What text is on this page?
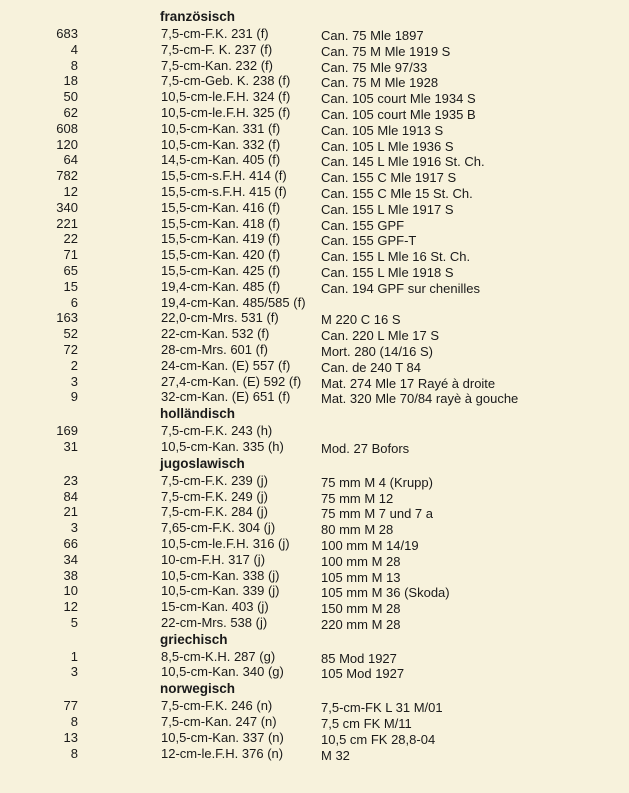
französisch
683	7,5-cm-F.K. 231 (f)	Can. 75 Mle 1897
4	7,5-cm-F. K. 237 (f)	Can. 75 M Mle 1919 S
8	7,5-cm-Kan. 232 (f)	Can. 75 Mle 97/33
18	7,5-cm-Geb. K. 238 (f) Can. 75 M Mle 1928
50	10,5-cm-le.F.H. 324 (f) Can. 105 court Mle 1934 S
62	10,5-cm-le.F.H. 325 (f) Can. 105 court Mle 1935 B
608	10,5-cm-Kan. 331 (f)	Can. 105 Mle 1913 S
120	10,5-cm-Kan. 332 (f)	Can. 105 L Mle 1936 S
64	14,5-cm-Kan. 405 (f)	Can. 145 L Mle 1916 St. Ch.
782	15,5-cm-s.F.H. 414 (f)	Can. 155 C Mle 1917 S
12	15,5-cm-s.F.H. 415 (f)	Can. 155 C Mle 15 St. Ch.
340	15,5-cm-Kan. 416 (f)	Can. 155 L Mle 1917 S
221	15,5-cm-Kan. 418 (f)	Can. 155 GPF
22	15,5-cm-Kan. 419 (f)	Can. 155 GPF-T
71	15,5-cm-Kan. 420 (f)	Can. 155 L Mle 16 St. Ch.
65	15,5-cm-Kan. 425 (f)	Can. 155 L Mle 1918 S
15	19,4-cm-Kan. 485 (f)	Can. 194 GPF sur chenilles
6	19,4-cm-Kan. 485/585 (f)
163	22,0-cm-Mrs. 531 (f)	M 220 C 16 S
52	22-cm-Kan. 532 (f)	Can. 220 L Mle 17 S
72	28-cm-Mrs. 601 (f)	Mort. 280 (14/16 S)
2	24-cm-Kan. (E) 557 (f) Can. de 240 T 84
3	27,4-cm-Kan. (E) 592 (f) Mat. 274 Mle 17 Rayé à droite
9	32-cm-Kan. (E) 651 (f) Mat. 320 Mle 70/84 rayè à gouche
holländisch
169	7,5-cm-F.K. 243 (h)
31	10,5-cm-Kan. 335 (h)	Mod. 27 Bofors
jugoslawisch
23	7,5-cm-F.K. 239 (j)	75 mm M 4 (Krupp)
84	7,5-cm-F.K. 249 (j)	75 mm M 12
21	7,5-cm-F.K. 284 (j)	75 mm M 7 und 7 a
3	7,65-cm-F.K. 304 (j)	80 mm M 28
66	10,5-cm-le.F.H. 316 (j) 100 mm M 14/19
34	10-cm-F.H. 317 (j)	100 mm M 28
38	10,5-cm-Kan. 338 (j)	105 mm M 13
10	10,5-cm-Kan. 339 (j)	105 mm M 36 (Skoda)
12	15-cm-Kan. 403 (j)	150 mm M 28
5	22-cm-Mrs. 538 (j)	220 mm M 28
griechisch
1	8,5-cm-K.H. 287 (g)	85 Mod 1927
3	10,5-cm-Kan. 340 (g)	105 Mod 1927
norwegisch
77	7,5-cm-F.K. 246 (n)	7,5-cm-FK L 31 M/01
8	7,5-cm-Kan. 247 (n)	7,5 cm FK M/11
13	10,5-cm-Kan. 337 (n)	10,5 cm FK 28,8-04
8	12-cm-le.F.H. 376 (n)	M 32
